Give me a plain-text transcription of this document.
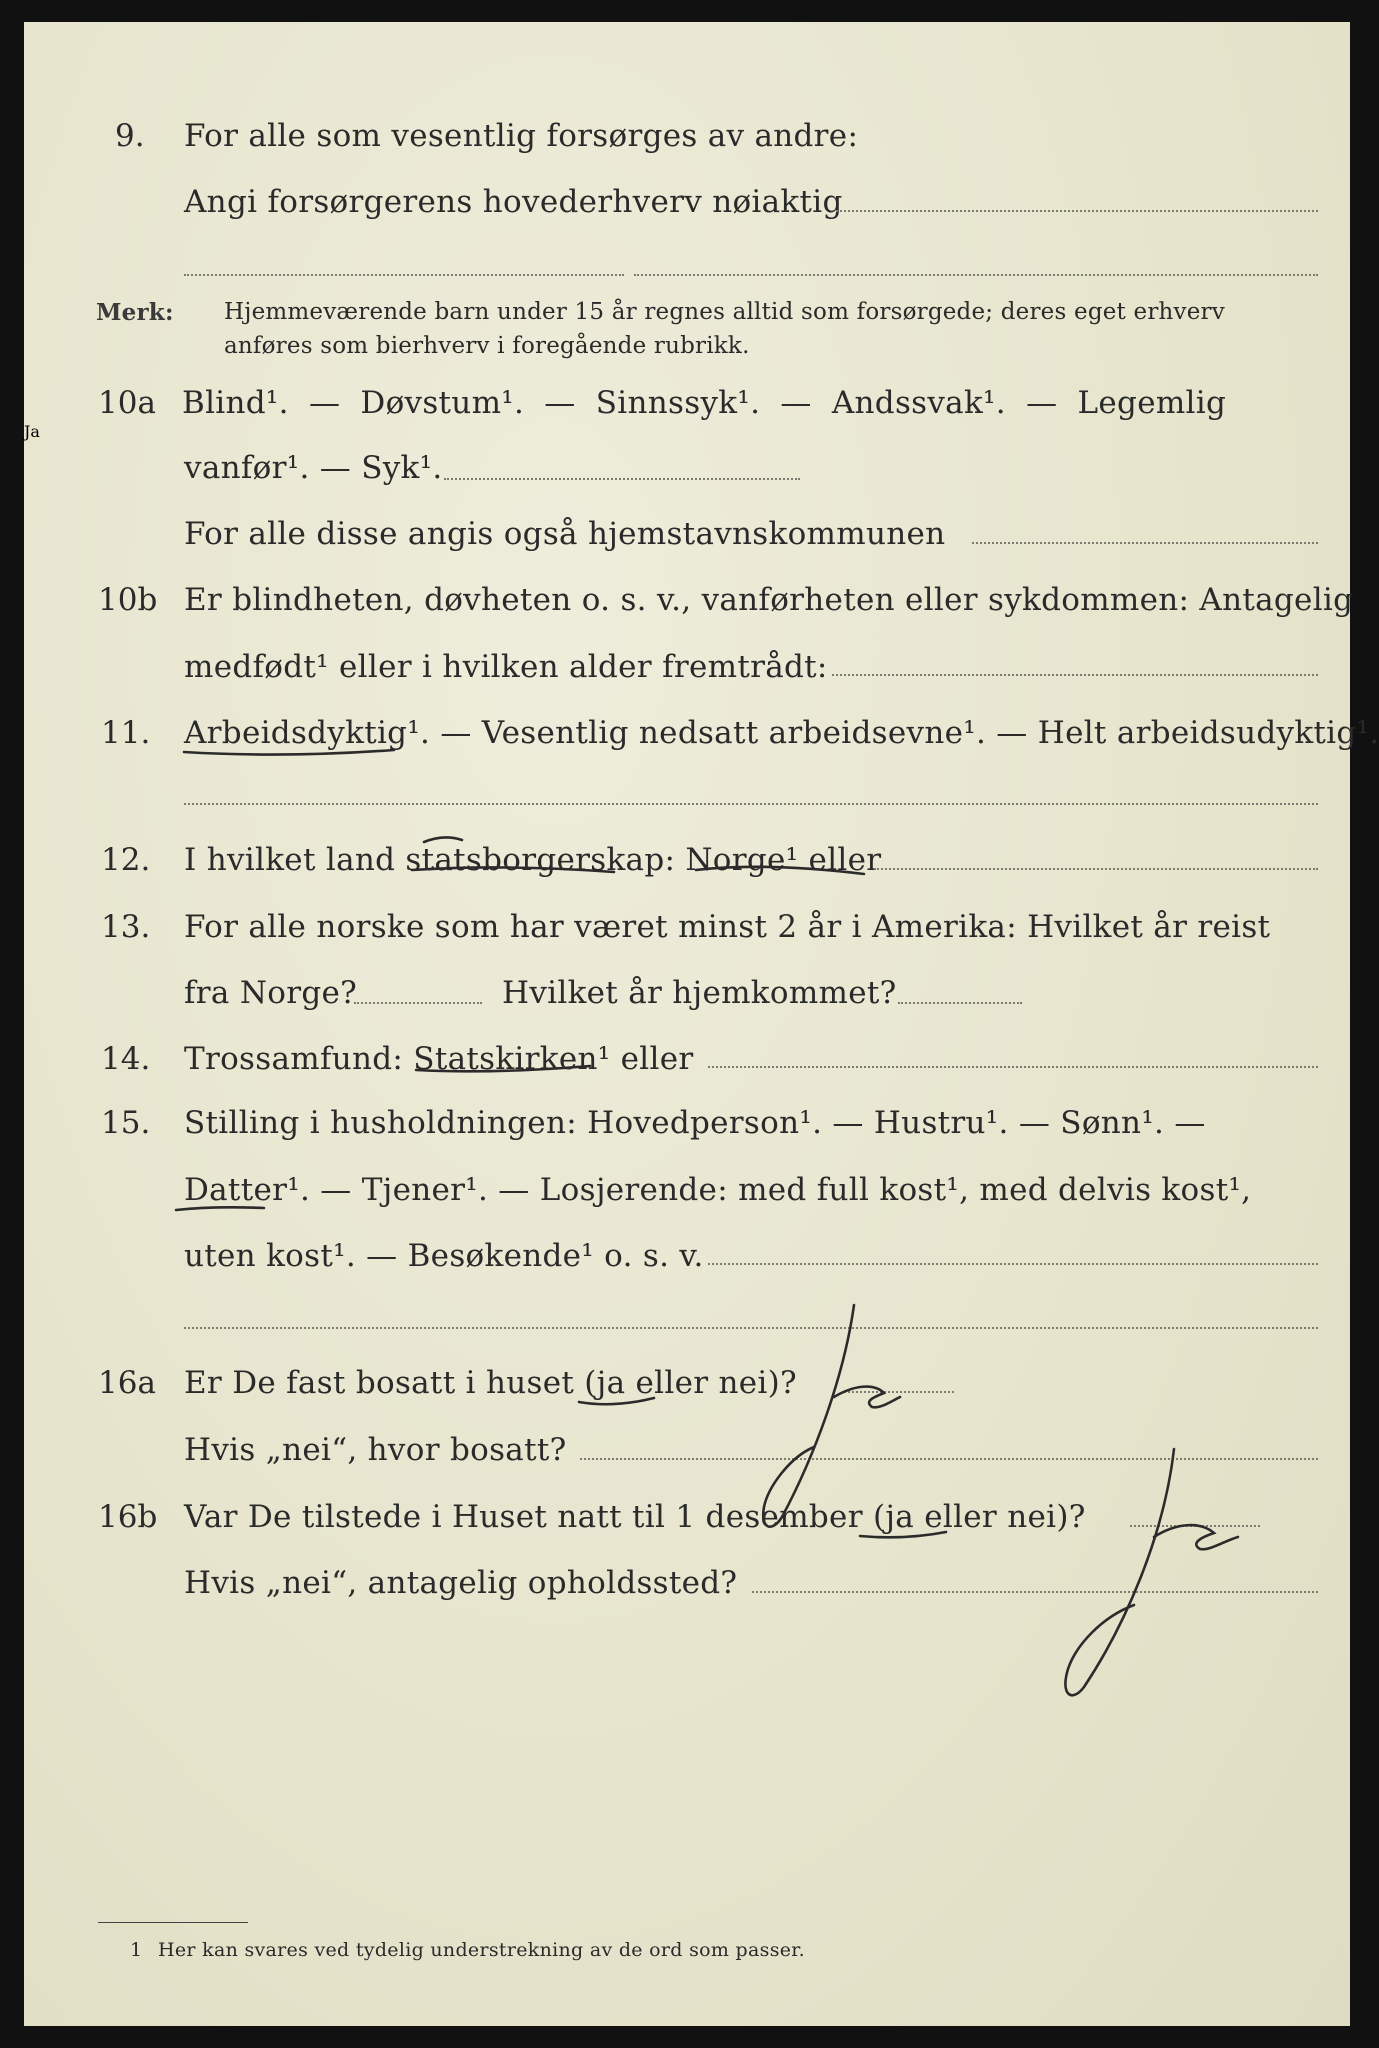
9. For alle som vesentlig forsørges av andre:
Angi forsørgerens hovederhverv nøiaktig
Merk: Hjemmeværende barn under 15 år regnes alltid som forsørgede; deres eget erhverv
anføres som bierhverv i foregående rubrikk.
10a Blind¹. — Døvstum¹. — Sinnssyk¹. — Andssvak¹. — Legemlig
vanfør¹. — Syk¹.
For alle disse angis også hjemstavnskommunen
10b Er blindheten, døvheten o. s. v., vanførheten eller sykdommen: Antagelig
medfødt¹ eller i hvilken alder fremtrådt:
11. Arbeidsdyktig¹. — Vesentlig nedsatt arbeidsevne¹. — Helt arbeidsudyktig¹.
12. I hvilket land statsborgerskap: Norge¹ eller
13. For alle norske som har været minst 2 år i Amerika: Hvilket år reist
fra Norge?	Hvilket år hjemkommet?
14. Trossamfund: Statskirken¹ eller
15. Stilling i husholdningen: Hovedperson¹. — Hustru¹. — Sønn¹. —
Datter¹. — Tjener¹. — Losjerende: med full kost¹, med delvis kost¹,
uten kost¹. — Besøkende¹ o. s. v.
16a Er De fast bosatt i huset (ja eller nei)?
Hvis „nei“, hvor bosatt?
16b Var De tilstede i Huset natt til 1 desember (ja eller nei)?
Hvis „nei“, antagelig opholdssted?
1 Her kan svares ved tydelig understrekning av de ord som passer.
Ja
